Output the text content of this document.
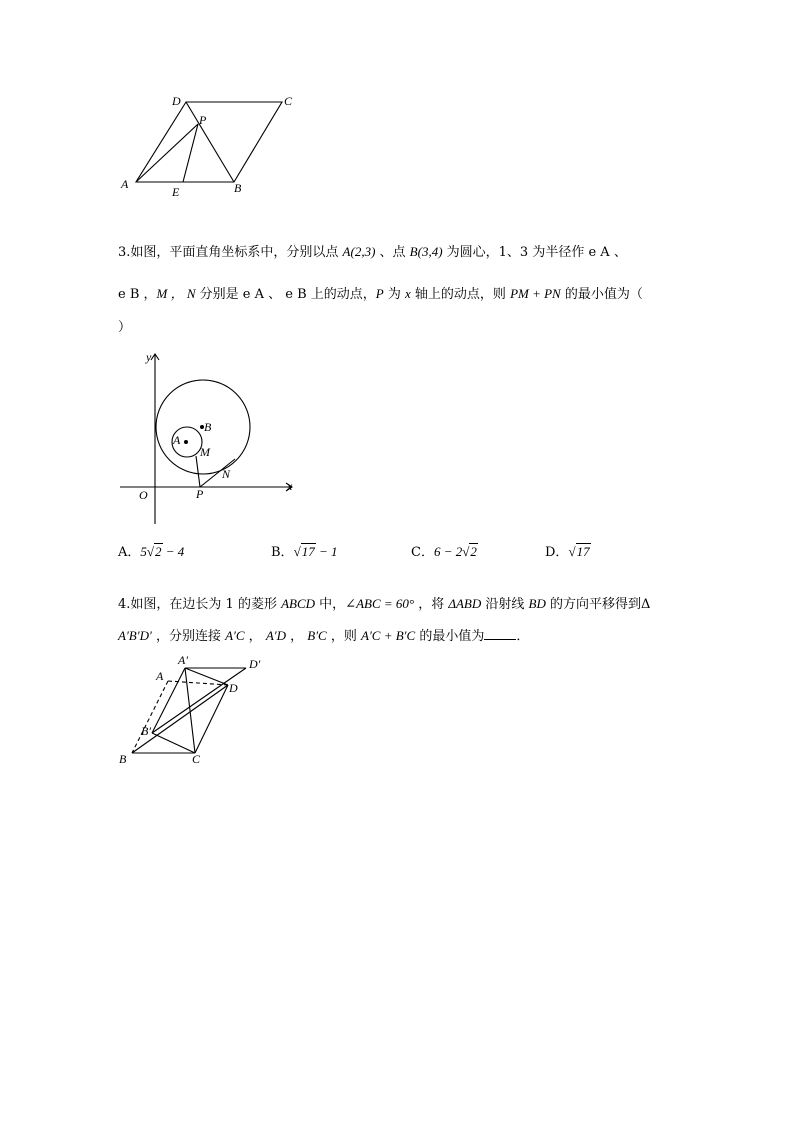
D	C
P
A
E	B
3.如图，平面直角坐标系中，分别以点 A(2,3) 、点 B(3,4) 为圆心，1、3 为半径作 e A 、
e B ，M ， N 分别是 e A 、 e B 上的动点，P 为 x 轴上的动点，则 PM + PN 的最小值为（
）
y
x
O
A
B
M
N
P
A．5√2 − 4	B．√17 − 1	C．6 − 2√2	D．√17
4.如图，在边长为 1 的菱形 ABCD 中，∠ABC = 60° ，将 ΔABD 沿射线 BD 的方向平移得到Δ
A′B′D′ ，分别连接 A′C ， A′D ， B′C ，则 A′C + B′C 的最小值为 ．
A
A′	D′
D
B′
B	C
